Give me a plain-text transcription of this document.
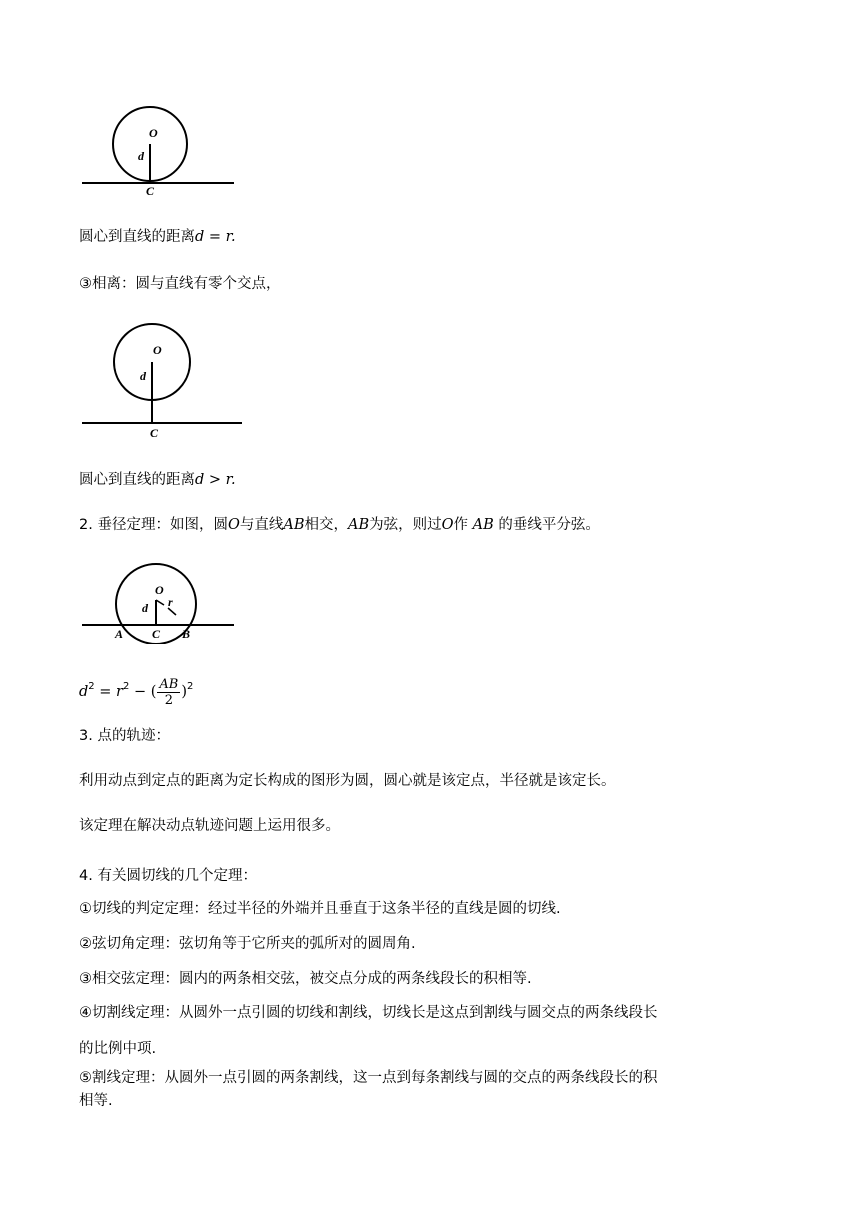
O
d
C
圆心到直线的距离d = r.
③相离：圆与直线有零个交点，
O
d
C
圆心到直线的距离d > r.
2. 垂径定理：如图，圆O与直线AB相交，AB为弦，则过O作 AB 的垂线平分弦。
O
d r
A C B
$d^2 = r^2$ − ( $\frac{AB}{2} )^2$
3. 点的轨迹：
利用动点到定点的距离为定长构成的图形为圆，圆心就是该定点，半径就是该定长。
该定理在解决动点轨迹问题上运用很多。
4. 有关圆切线的几个定理：
①切线的判定定理：经过半径的外端并且垂直于这条半径的直线是圆的切线.
②弦切角定理：弦切角等于它所夹的弧所对的圆周角.
③相交弦定理：圆内的两条相交弦，被交点分成的两条线段长的积相等.
④切割线定理：从圆外一点引圆的切线和割线，切线长是这点到割线与圆交点的两条线段长
的比例中项.
⑤割线定理：从圆外一点引圆的两条割线，这一点到每条割线与圆的交点的两条线段长的积
相等.
